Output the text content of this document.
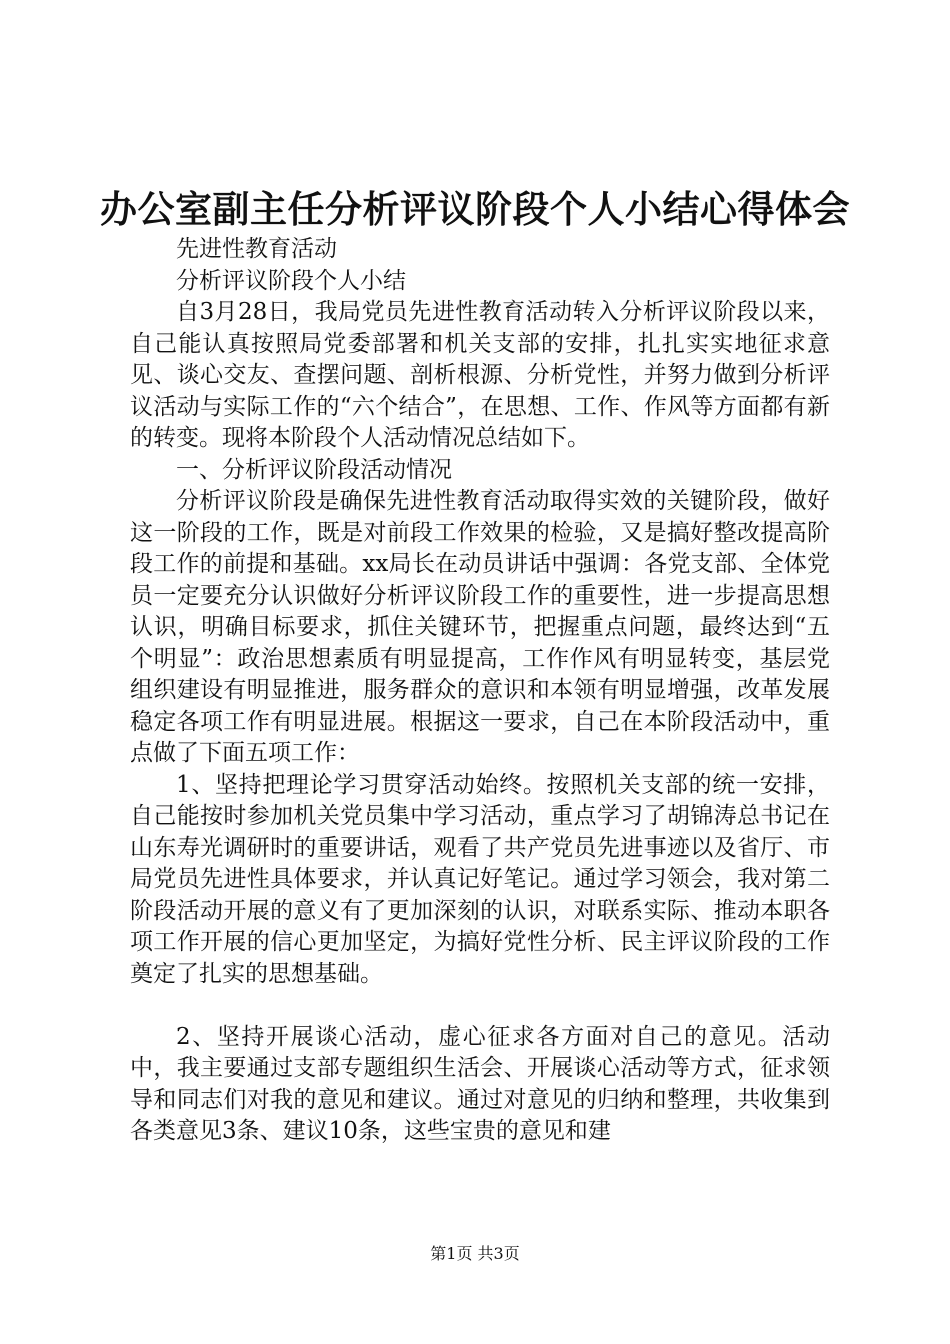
办公室副主任分析评议阶段个人小结心得体会

先进性教育活动

分析评议阶段个人小结

自3月28日，我局党员先进性教育活动转入分析评议阶段以来，自己能认真按照局党委部署和机关支部的安排，扎扎实实地征求意见、谈心交友、查摆问题、剖析根源、分析党性，并努力做到分析评议活动与实际工作的“六个结合”，在思想、工作、作风等方面都有新的转变。现将本阶段个人活动情况总结如下。

一、分析评议阶段活动情况

分析评议阶段是确保先进性教育活动取得实效的关键阶段，做好这一阶段的工作，既是对前段工作效果的检验，又是搞好整改提高阶段工作的前提和基础。xx局长在动员讲话中强调：各党支部、全体党员一定要充分认识做好分析评议阶段工作的重要性，进一步提高思想认识，明确目标要求，抓住关键环节，把握重点问题，最终达到“五个明显”：政治思想素质有明显提高，工作作风有明显转变，基层党组织建设有明显推进，服务群众的意识和本领有明显增强，改革发展稳定各项工作有明显进展。根据这一要求，自己在本阶段活动中，重点做了下面五项工作：

1、坚持把理论学习贯穿活动始终。按照机关支部的统一安排，自己能按时参加机关党员集中学习活动，重点学习了胡锦涛总书记在山东寿光调研时的重要讲话，观看了共产党员先进事迹以及省厅、市局党员先进性具体要求，并认真记好笔记。通过学习领会，我对第二阶段活动开展的意义有了更加深刻的认识，对联系实际、推动本职各项工作开展的信心更加坚定，为搞好党性分析、民主评议阶段的工作奠定了扎实的思想基础。

2、坚持开展谈心活动，虚心征求各方面对自己的意见。活动中，我主要通过支部专题组织生活会、开展谈心活动等方式，征求领导和同志们对我的意见和建议。通过对意见的归纳和整理，共收集到各类意见3条、建议10条，这些宝贵的意见和建

第1页 共3页
